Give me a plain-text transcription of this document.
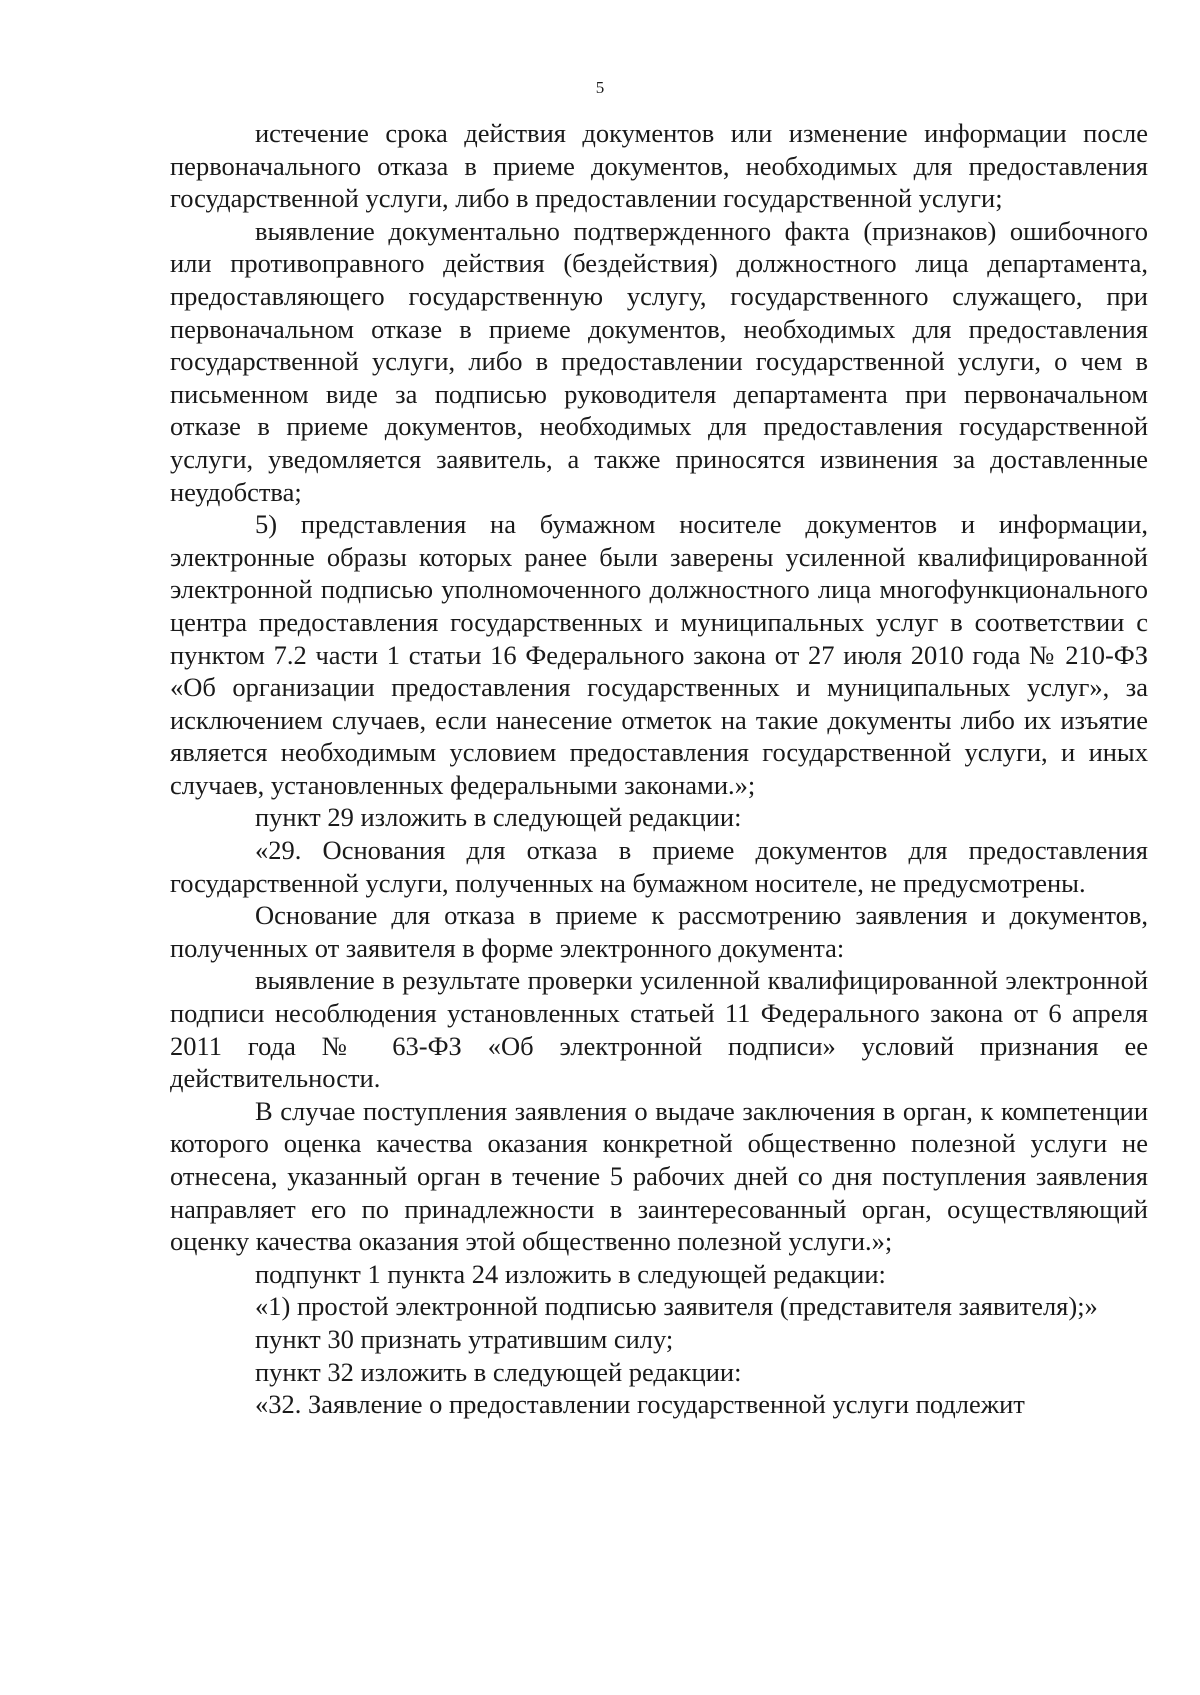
5

истечение срока действия документов или изменение информации после первоначального отказа в приеме документов, необходимых для предоставления государственной услуги, либо в предоставлении государственной услуги;

выявление документально подтвержденного факта (признаков) ошибочного или противоправного действия (бездействия) должностного лица департамента, предоставляющего государственную услугу, государственного служащего, при первоначальном отказе в приеме документов, необходимых для предоставления государственной услуги, либо в предоставлении государственной услуги, о чем в письменном виде за подписью руководителя департамента при первоначальном отказе в приеме документов, необходимых для предоставления государственной услуги, уведомляется заявитель, а также приносятся извинения за доставленные неудобства;

5) представления на бумажном носителе документов и информации, электронные образы которых ранее были заверены усиленной квалифицированной электронной подписью уполномоченного должностного лица многофункционального центра предоставления государственных и муниципальных услуг в соответствии с пунктом 7.2 части 1 статьи 16 Федерального закона от 27 июля 2010 года № 210-ФЗ «Об организации предоставления государственных и муниципальных услуг», за исключением случаев, если нанесение отметок на такие документы либо их изъятие является необходимым условием предоставления государственной услуги, и иных случаев, установленных федеральными законами.»;

пункт 29 изложить в следующей редакции:

«29. Основания для отказа в приеме документов для предоставления государственной услуги, полученных на бумажном носителе, не предусмотрены.

Основание для отказа в приеме к рассмотрению заявления и документов, полученных от заявителя в форме электронного документа:

выявление в результате проверки усиленной квалифицированной электронной подписи несоблюдения установленных статьей 11 Федерального закона от 6 апреля 2011 года № 63-ФЗ «Об электронной подписи» условий признания ее действительности.

В случае поступления заявления о выдаче заключения в орган, к компетенции которого оценка качества оказания конкретной общественно полезной услуги не отнесена, указанный орган в течение 5 рабочих дней со дня поступления заявления направляет его по принадлежности в заинтересованный орган, осуществляющий оценку качества оказания этой общественно полезной услуги.»;

подпункт 1 пункта 24 изложить в следующей редакции:

«1) простой электронной подписью заявителя (представителя заявителя);»

пункт 30 признать утратившим силу;

пункт 32 изложить в следующей редакции:

«32. Заявление о предоставлении государственной услуги подлежит
